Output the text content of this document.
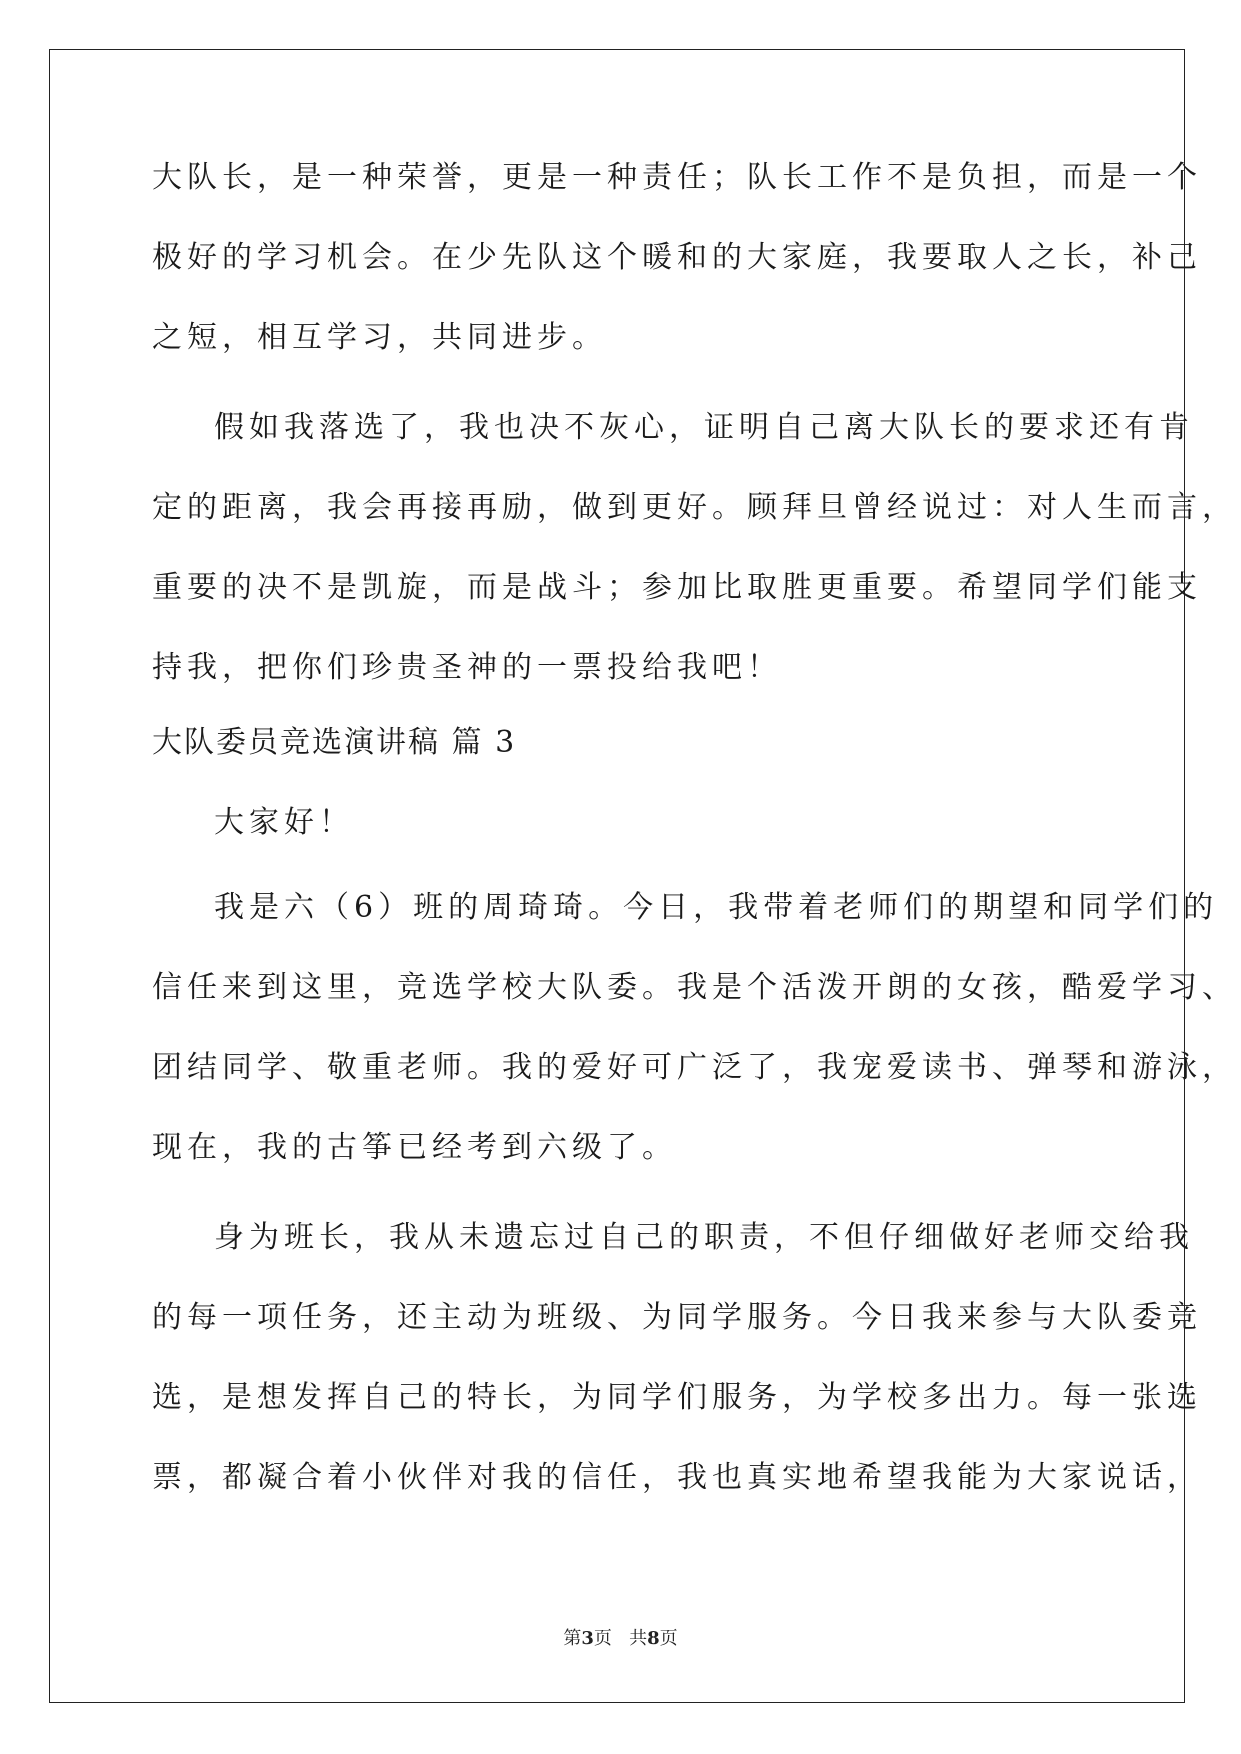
大队长，是一种荣誉，更是一种责任；队长工作不是负担，而是一个
极好的学习机会。在少先队这个暖和的大家庭，我要取人之长，补己
之短，相互学习，共同进步。
假如我落选了，我也决不灰心，证明自己离大队长的要求还有肯
定的距离，我会再接再励，做到更好。顾拜旦曾经说过：对人生而言，
重要的决不是凯旋，而是战斗；参加比取胜更重要。希望同学们能支
持我，把你们珍贵圣神的一票投给我吧！
大队委员竞选演讲稿 篇 3
大家好！
我是六（6）班的周琦琦。今日，我带着老师们的期望和同学们的
信任来到这里，竞选学校大队委。我是个活泼开朗的女孩，酷爱学习、
团结同学、敬重老师。我的爱好可广泛了，我宠爱读书、弹琴和游泳，
现在，我的古筝已经考到六级了。
身为班长，我从未遗忘过自己的职责，不但仔细做好老师交给我
的每一项任务，还主动为班级、为同学服务。今日我来参与大队委竞
选，是想发挥自己的特长，为同学们服务，为学校多出力。每一张选
票，都凝合着小伙伴对我的信任，我也真实地希望我能为大家说话，
第3页 共8页
